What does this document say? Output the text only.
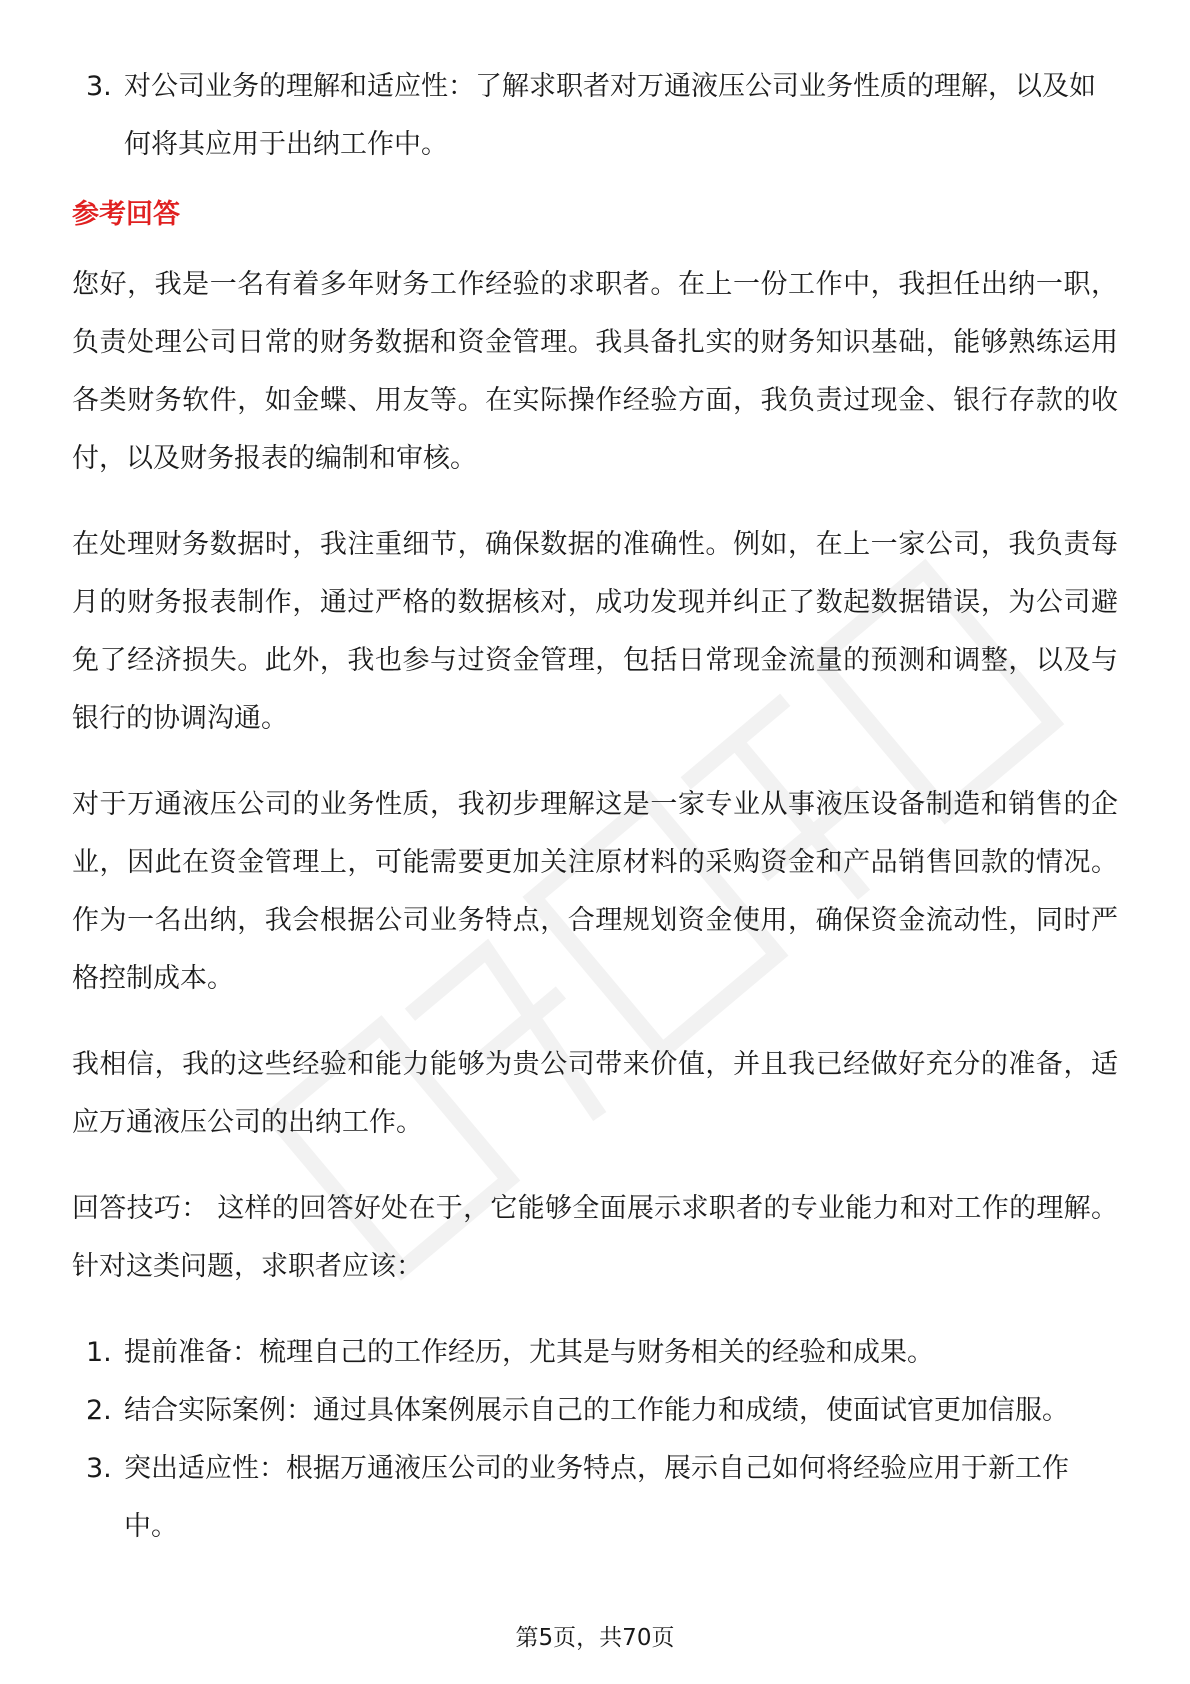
3. 对公司业务的理解和适应性：了解求职者对万通液压公司业务性质的理解，以及如何将其应用于出纳工作中。
参考回答

您好，我是一名有着多年财务工作经验的求职者。在上一份工作中，我担任出纳一职，负责处理公司日常的财务数据和资金管理。我具备扎实的财务知识基础，能够熟练运用各类财务软件，如金蝶、用友等。在实际操作经验方面，我负责过现金、银行存款的收付，以及财务报表的编制和审核。

在处理财务数据时，我注重细节，确保数据的准确性。例如，在上一家公司，我负责每月的财务报表制作，通过严格的数据核对，成功发现并纠正了数起数据错误，为公司避免了经济损失。此外，我也参与过资金管理，包括日常现金流量的预测和调整，以及与银行的协调沟通。

对于万通液压公司的业务性质，我初步理解这是一家专业从事液压设备制造和销售的企业，因此在资金管理上，可能需要更加关注原材料的采购资金和产品销售回款的情况。作为一名出纳，我会根据公司业务特点，合理规划资金使用，确保资金流动性，同时严格控制成本。

我相信，我的这些经验和能力能够为贵公司带来价值，并且我已经做好充分的准备，适应万通液压公司的出纳工作。

回答技巧： 这样的回答好处在于，它能够全面展示求职者的专业能力和对工作的理解。针对这类问题，求职者应该：

1. 提前准备：梳理自己的工作经历，尤其是与财务相关的经验和成果。
2. 结合实际案例：通过具体案例展示自己的工作能力和成绩，使面试官更加信服。
3. 突出适应性：根据万通液压公司的业务特点，展示自己如何将经验应用于新工作中。
第5页，共70页
